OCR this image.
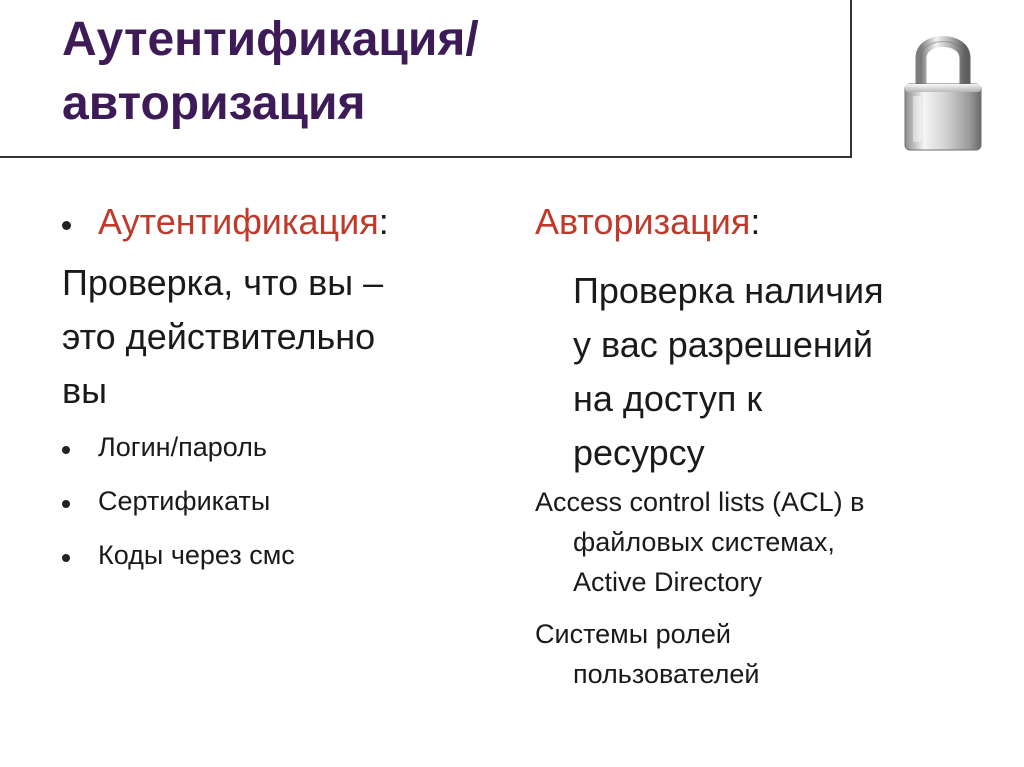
Аутентификация/
авторизация
Аутентификация:
Проверка, что вы –
это действительно
вы
Логин/пароль
Сертификаты
Коды через смс
Авторизация:
Проверка наличия
у вас разрешений
на доступ к
ресурсу
Access control lists (ACL) в
файловых системах,
Active Directory
Системы ролей
пользователей
